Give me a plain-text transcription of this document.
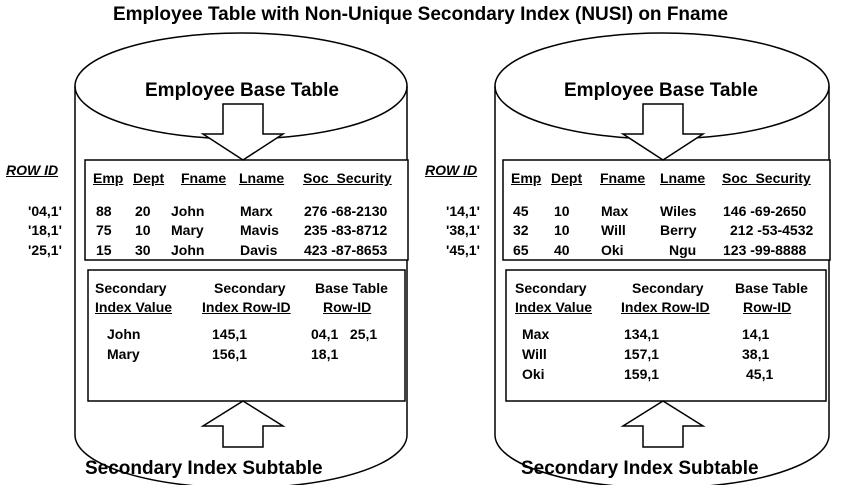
Employee Table with Non-Unique Secondary Index (NUSI) on Fname
Employee Base Table
Secondary Index Subtable
ROW ID
'04,1'
'18,1'
'25,1'
Emp Dept Fname Lname Soc_Security
88 20 John	Marx 276 -68-2130
75 10 Mary	Mavis 235 -83-8712
15 30 John	Davis 423 -87-8653
Secondary
Index Value
Secondary
Index Row-ID
Base Table
Row-ID
John	145,1	04,1   25,1
Mary	156,1	18,1
Employee Base Table
Secondary Index Subtable
ROW ID
'14,1'
'38,1'
'45,1'
Emp Dept Fname Lname Soc_Security
45 10 Max Wiles 146 -69-2650
32 10 Will Berry 212 -53-4532
65 40 Oki	Ngu 123 -99-8888
Secondary
Index Value
Secondary
Index Row-ID
Base Table
Row-ID
Max	134,1	14,1
Will	157,1	38,1
Oki	159,1	45,1
